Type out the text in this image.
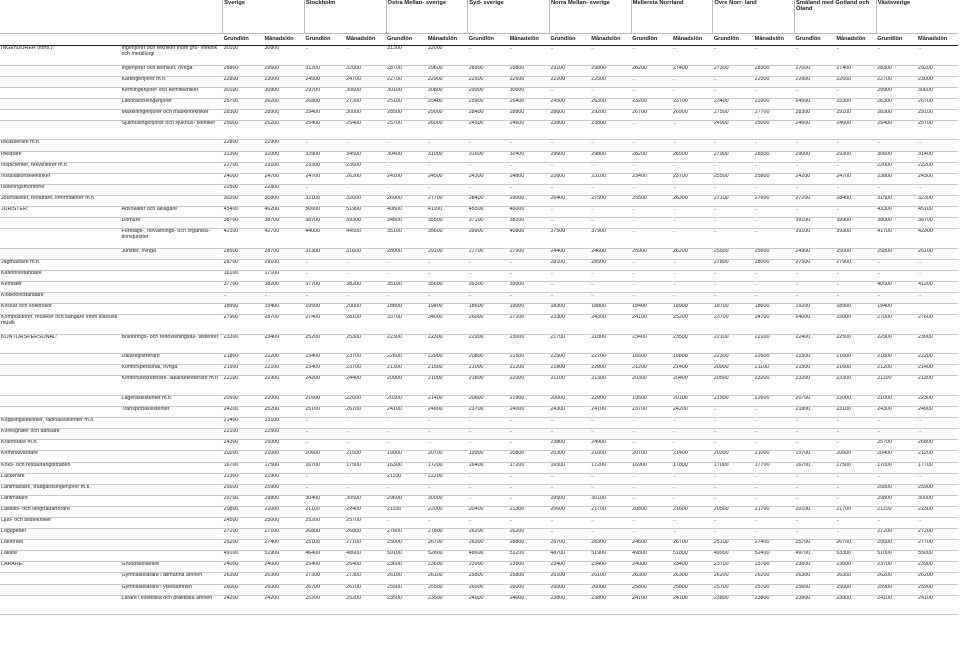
		Sverige		Stockholm		Östra Mellan- sverige		Syd- sverige		Norra Mellan- sverige		Mellersta Norrland		Övre Norr- land		Småland med Gotland och Öland		Västsverige	
		Grundlön	Månadslön	Grundlön	Månadslön	Grundlön	Månadslön	Grundlön	Månadslön	Grundlön	Månadslön	Grundlön	Månadslön	Grundlön	Månadslön	Grundlön	Månadslön	Grundlön	Månadslön
INGENJÖRER (forts.):	Ingenjörer och tekniker inom gru- vteknik och metallurgi	30100	30800	..	..	31300	32000	..	..	..	..	..	..	..	..	..	..	..	..
	Ingenjörer och tekniker, övriga	28800	29600	31200	32000	28700	29600	28900	29800	29100	29800	26200	27400	27300	28300	27000	27400	28300	29200
	Kartingenjörer m.fl.	22800	23000	24500	24700	22700	22900	22500	22600	22200	22500	..	..	..	22500	22600	22600	22700	23000
	Kemiingenjörer och kemitekniker	30100	30900	29700	30600	30100	30800	29900	30600	..	..	..	..	..	..	..	..	29900	30600
	Laboratorieingenjörer	25700	26200	26800	27300	25100	25400	25900	26400	24500	26300	23200	23700	23400	23900	24500	25300	26300	26700
	Maskiningenjörer och maskintekniker	28300	28900	29400	30000	28500	29000	28400	28800	28600	29200	26700	26900	27500	27700	28300	29100	28300	29100
	Sjukhusingenjörer och sjukhus- tekniker	25000	25200	25400	25400	25700	26000	24500	24600	23800	23800	..	..	24900	25000	24600	24600	25400	25700
Inkasserare m.fl.		22800	22900	..	..	..	..	..	..	..	..	..	..	..	..	..	..	..	..
Inköpare		31300	32000	33900	34500	30400	31000	31600	32400	29600	29800	28200	28500	27900	28500	29000	29300	30600	31400
Inspicienter, rekvisitörer m.fl.		22700	23100	23300	23600	..	..	..	..	..	..	..	..	..	..	..	..	22000	22200
Installationselektriker		24000	24700	24700	26200	24100	24500	24300	24800	22600	23100	23400	23700	25500	25800	24200	24700	23800	24300
Isoleringsmontörer		22800	22800	..	..	..	..	..	..	..	..	..	..	..	..	..	..	..	..
Journalister, författare, informatörer m.fl.		30200	30800	32100	32600	26900	27700	28400	29000	26400	27500	25500	26300	27100	27600	27200	28400	31500	32300
JURISTER:	Advokater och åklagare	45400	46200	50600	51900	40800	41100	45500	46000	..	..	..	..	..	..	..	..	43300	45100
	Domare	38700	38700	38700	39300	34800	35500	37100	38200	..	..	..	..	..	..	39100	39900	38000	38700
	Företags-, förvaltnings- och organisa- tionsjurister	42100	42700	44000	44500	35100	35600	39900	40800	37500	37900	..	..	..	..	39100	39300	41700	42300
	Jurister, övriga	28500	28700	31300	31600	28900	29100	27700	27900	24400	24600	25900	26200	25500	25600	24900	25000	25800	26100
Jägmästare m.fl.		28700	29100	..	..	..	..	..	..	28100	28500	..	..	27800	28000	27500	27900	..	..
Kaféföreståndare		16100	17100	..	..	..	..	..	..	..	..	..	..	..	..	..	..	..	..
Kemister		37700	38200	37700	38200	35100	35600	39300	39900	..	..	..	..	..	..	..	..	40500	41200
Kioskföreståndare		..	..	..	..	..	..	..	..	..	..	..	..	..	..	..	..	..	..
Kockar och kokerskor		18900	19400	19500	20000	18800	19400	18600	19000	18300	18800	18400	18900	18700	18600	19200	18900	19400	
Kompositörer, musiker och sångare inom klassisk musik		27900	28700	27400	28100	33700	34000	26000	27100	23300	24300	24100	25200	23700	24700	24000	25000	27000	27600
KONTORSPERSONAL:	Bokförings- och redovisningsas- sistenter	23300	23400	25200	25300	22300	22300	22900	23000	21700	21800	23400	23500	22100	22100	22400	22500	22900	23000
	Dataregistrerare	21800	22200	23400	23700	22800	22900	20800	21500	22500	22700	16500	16800	22300	22600	21500	21600	21800	22200
	Kontorspersonal, övriga	21900	22100	23400	23700	21300	21500	21000	21200	21800	22000	21200	21400	20900	21100	21500	21600	21200	21400
	Kontorssekreterare, läkarsekreterare m.fl.	22100	22300	24200	24400	20900	21000	21800	22000	21100	21300	20300	20400	20500	23200	23200	23300	21100	21300
	Lagerassistenter m.fl.	20900	22000	21600	22600	20300	21400	20600	21900	20000	22000	19500	20100	21500	22600	20700	22000	21000	22300
	Transportassistenter	24200	25200	25100	26700	24100	24900	23700	24000	24300	24700	23700	24200	..	..	21800	23100	24300	24900
Kopplingstekniker, radioassistenter m.fl.		21400	23100	..	..	..	..	..	..	..	..	..	..	..	..	..	..	..	..
Koreografer och dansare		22100	22500	..	..	..	..	..	..	..	..	..	..	..	..	..	..	..	..
Kranförare m.fl.		24300	25000	..	..	..	..	..	..	23800	24900	..	..	..	..	..	..	25700	26800
Kriminalvårdare		20200	21000	20600	21500	19900	20700	19900	20800	20300	21000	20700	21400	20300	21000	19700	20600	20400	21200
Köks- och restaurangbiträden		16700	17500	16700	17500	16300	17200	16400	17200	16500	17200	16900	17800	17000	17700	16700	17500	17000	17700
Lackerare		21300	21900	..	..	21100	22200	..	..	..	..	..	..	..	..	..	..	..	..
Lantmästare, trädgårdsingenjörer m.fl.		25600	25900	..	..	..	..	..	..	..	..	..	..	..	..	..	..	25800	25900
Lantmätare		29700	29800	30400	30500	29600	30000	..	..	29500	30100	..	..	..	..	..	..	29800	30000
Lastbils- och långtradarförare		20800	22000	21100	22400	21100	22000	20400	21300	20600	21700	20800	21600	20500	21700	20100	21700	21100	22300
Ljud- och bildtekniker		24500	25000	25200	25700	..	..	..	..	..	..	..	..	..	..	..	..	..	..
Logopeder		27100	27100	26800	26800	27800	27800	26200	26200	..	..	..	..	..	..	..	..	27200	27200
Lokförare		25200	27400	25100	27100	25000	26700	26300	28800	25700	28300	24600	26700	25100	27400	25700	26700	25600	27700
Läkare		49100	51900	46400	48600	50100	52800	48600	51200	48700	51900	49800	51800	49900	52400	49700	53300	51000	55000
LÄRARE:	Grundskollärare	24000	24000	25400	25400	23600	23600	23900	23900	23400	23400	24000	23400	23700	23700	23600	23600	23700	23900
	Gymnasielärare i allmänna ämnen	26300	26300	27300	27300	26100	26100	25800	25800	26100	26100	26300	26300	26200	26200	26300	26300	26200	26200
	Gymnasielärare i yrkesämnen	26000	26000	26700	26700	25500	25500	26000	26000	26000	26000	25800	25800	25700	25700	25600	25600	25900	25900
	Lärare i estetiska och praktiska ämnen	24200	24200	25200	25200	23500	23500	24000	24000	23800	23800	24100	24100	23800	23800	23900	23900	24100	24100
